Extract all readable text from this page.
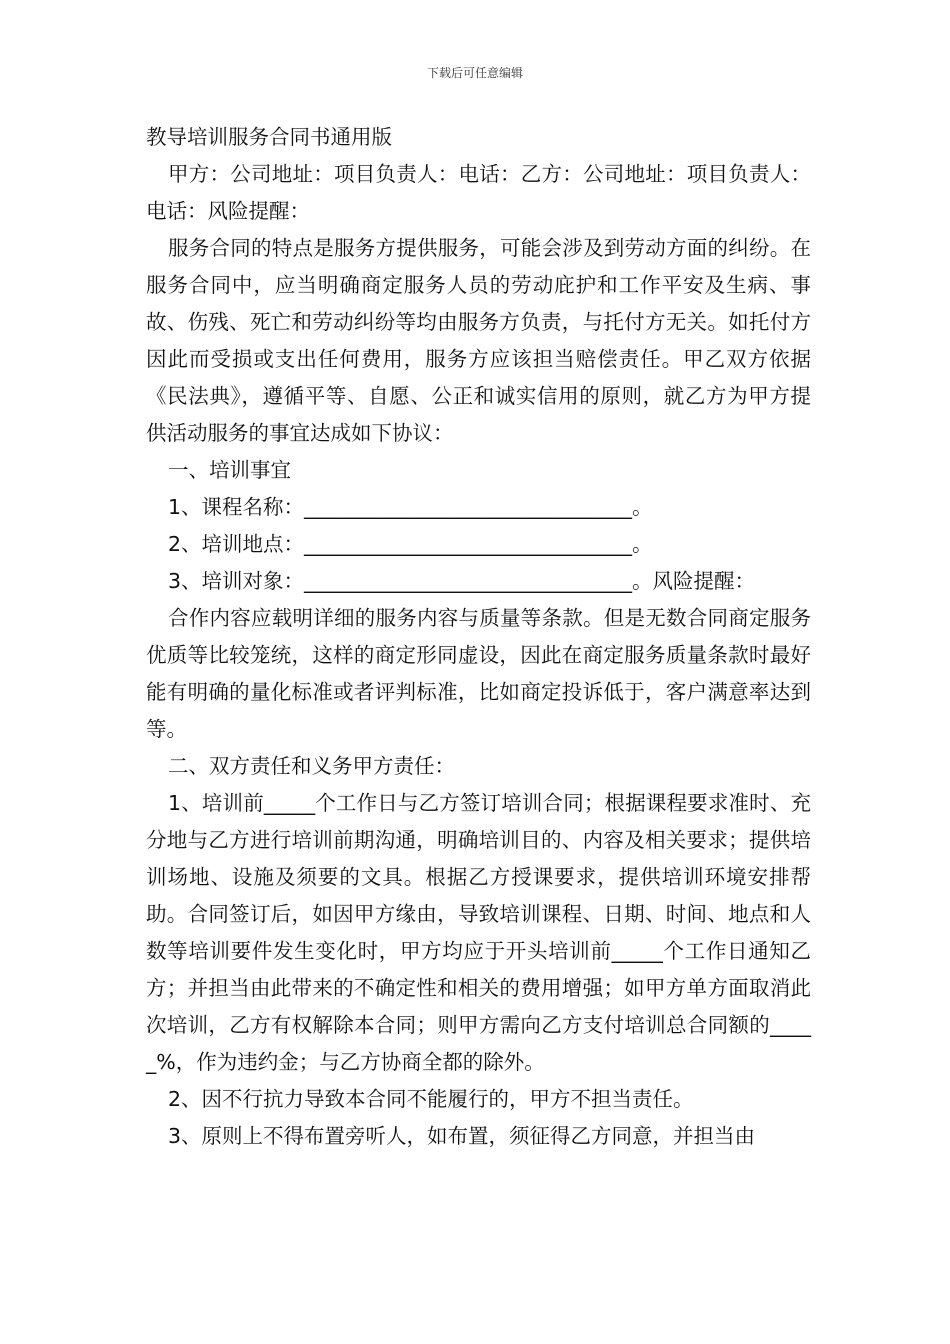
下载后可任意编辑

教导培训服务合同书通用版

甲方：公司地址：项目负责人：电话：乙方：公司地址：项目负责人：电话：风险提醒：

服务合同的特点是服务方提供服务，可能会涉及到劳动方面的纠纷。在服务合同中，应当明确商定服务人员的劳动庇护和工作平安及生病、事故、伤残、死亡和劳动纠纷等均由服务方负责，与托付方无关。如托付方因此而受损或支出任何费用，服务方应该担当赔偿责任。甲乙双方依据《民法典》，遵循平等、自愿、公正和诚实信用的原则，就乙方为甲方提供活动服务的事宜达成如下协议：

一、培训事宜

1、课程名称：________________________________。

2、培训地点：________________________________。

3、培训对象：________________________________。风险提醒：

合作内容应载明详细的服务内容与质量等条款。但是无数合同商定服务优质等比较笼统，这样的商定形同虚设，因此在商定服务质量条款时最好能有明确的量化标准或者评判标准，比如商定投诉低于，客户满意率达到等。

二、双方责任和义务甲方责任：

1、培训前_____个工作日与乙方签订培训合同；根据课程要求准时、充分地与乙方进行培训前期沟通，明确培训目的、内容及相关要求；提供培训场地、设施及须要的文具。根据乙方授课要求，提供培训环境安排帮助。合同签订后，如因甲方缘由，导致培训课程、日期、时间、地点和人数等培训要件发生变化时，甲方均应于开头培训前_____个工作日通知乙方；并担当由此带来的不确定性和相关的费用增强；如甲方单方面取消此次培训，乙方有权解除本合同；则甲方需向乙方支付培训总合同额的_____%，作为违约金；与乙方协商全都的除外。

2、因不行抗力导致本合同不能履行的，甲方不担当责任。

3、原则上不得布置旁听人，如布置，须征得乙方同意，并担当由
